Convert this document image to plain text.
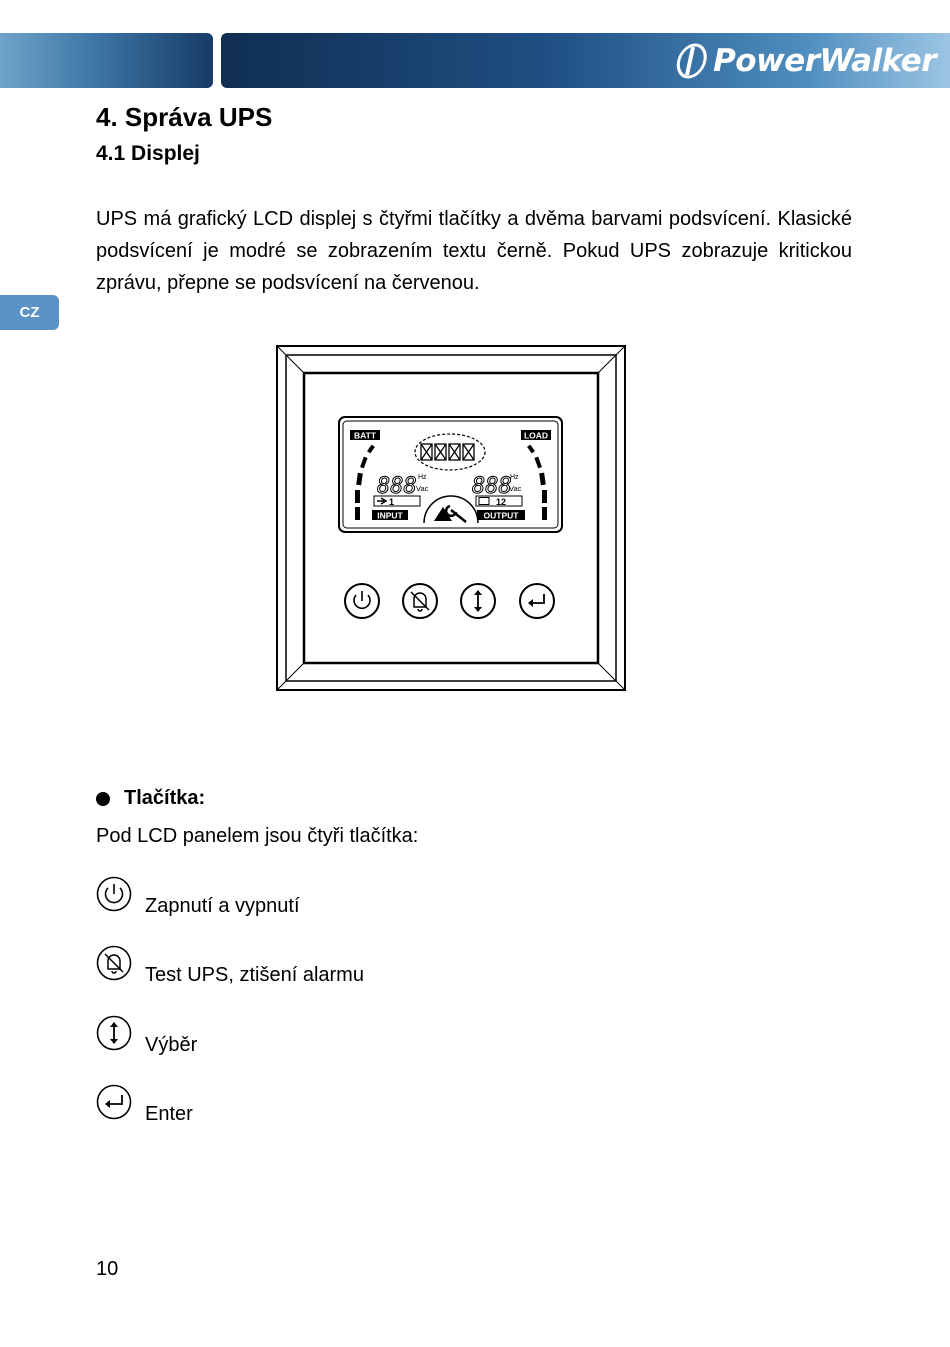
PowerWalker
CZ
4. Správa UPS
4.1 Displej

UPS má grafický LCD displej s čtyřmi tlačítky a dvěma barvami podsvícení. Klasické podsvícení je modré se zobrazením textu černě. Pokud UPS zobrazuje kritickou zprávu, přepne se podsvícení na červenou.

BATT	LOAD
888 Hz
Vac 888
Hz
Vac
1	12
INPUT	OUTPUT
Tlačítka:
Pod LCD panelem jsou čtyři tlačítka:
Zapnutí a vypnutí
Test UPS, ztišení alarmu
Výběr
Enter
10
